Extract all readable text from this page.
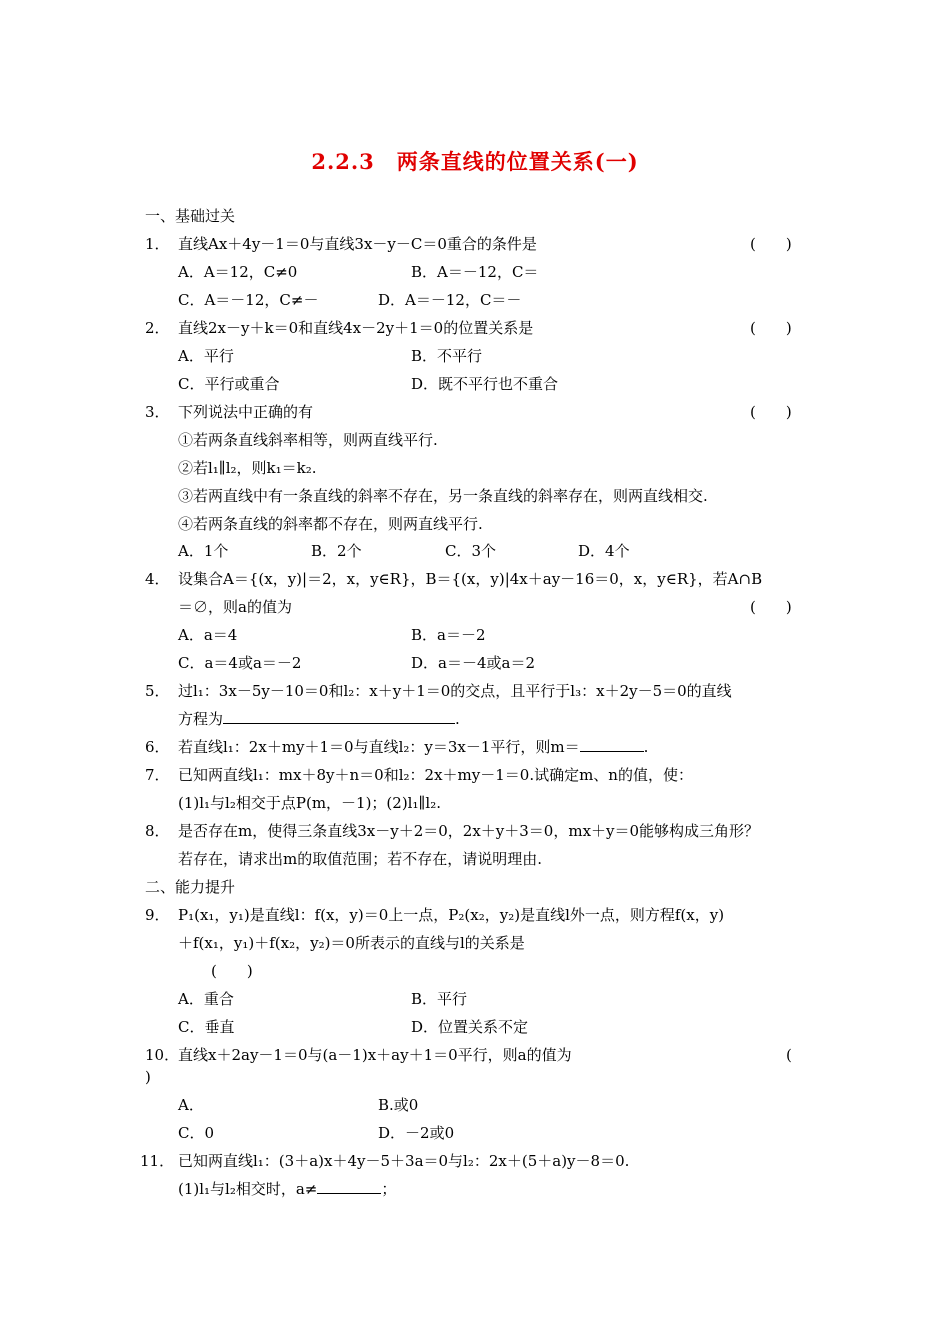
2.2.3　两条直线的位置关系(一)
一、基础过关
1． 直线Ax＋4y－1＝0与直线3x－y－C＝0重合的条件是	(　　)
A．A＝12，C≠0	B．A＝－12，C＝
C．A＝－12，C≠－	D．A＝－12，C＝－
2． 直线2x－y＋k＝0和直线4x－2y＋1＝0的位置关系是	(　　)
A．平行	B．不平行
C．平行或重合	D．既不平行也不重合
3． 下列说法中正确的有	(　　)
①若两条直线斜率相等，则两直线平行.
②若l₁∥l₂，则k₁＝k₂.
③若两直线中有一条直线的斜率不存在，另一条直线的斜率存在，则两直线相交.
④若两条直线的斜率都不存在，则两直线平行.
A．1个	B．2个	C．3个	D．4个
4． 设集合A＝{(x，y)|＝2，x，y∈R}，B＝{(x，y)|4x＋ay－16＝0，x，y∈R}，若A∩B
＝∅，则a的值为	(　　)
A．a＝4	B．a＝－2
C．a＝4或a＝－2	D．a＝－4或a＝2
5． 过l₁：3x－5y－10＝0和l₂：x＋y＋1＝0的交点，且平行于l₃：x＋2y－5＝0的直线
方程为	.
6． 若直线l₁：2x＋my＋1＝0与直线l₂：y＝3x－1平行，则m＝	.
7． 已知两直线l₁：mx＋8y＋n＝0和l₂：2x＋my－1＝0.试确定m、n的值，使：
(1)l₁与l₂相交于点P(m，－1)；(2)l₁∥l₂.
8． 是否存在m，使得三条直线3x－y＋2＝0，2x＋y＋3＝0，mx＋y＝0能够构成三角形？
若存在，请求出m的取值范围；若不存在，请说明理由.
二、能力提升
9． P₁(x₁，y₁)是直线l：f(x，y)＝0上一点，P₂(x₂，y₂)是直线l外一点，则方程f(x，y)
＋f(x₁，y₁)＋f(x₂，y₂)＝0所表示的直线与l的关系是
(　　)
A．重合	B．平行
C．垂直	D．位置关系不定
10．
直线x＋2ay－1＝0与(a－1)x＋ay＋1＝0平行，则a的值为	(
)
A．	B.或0
C．0	D．－2或0
11． 已知两直线l₁：(3＋a)x＋4y－5＋3a＝0与l₂：2x＋(5＋a)y－8＝0.
(1)l₁与l₂相交时，a≠	；
